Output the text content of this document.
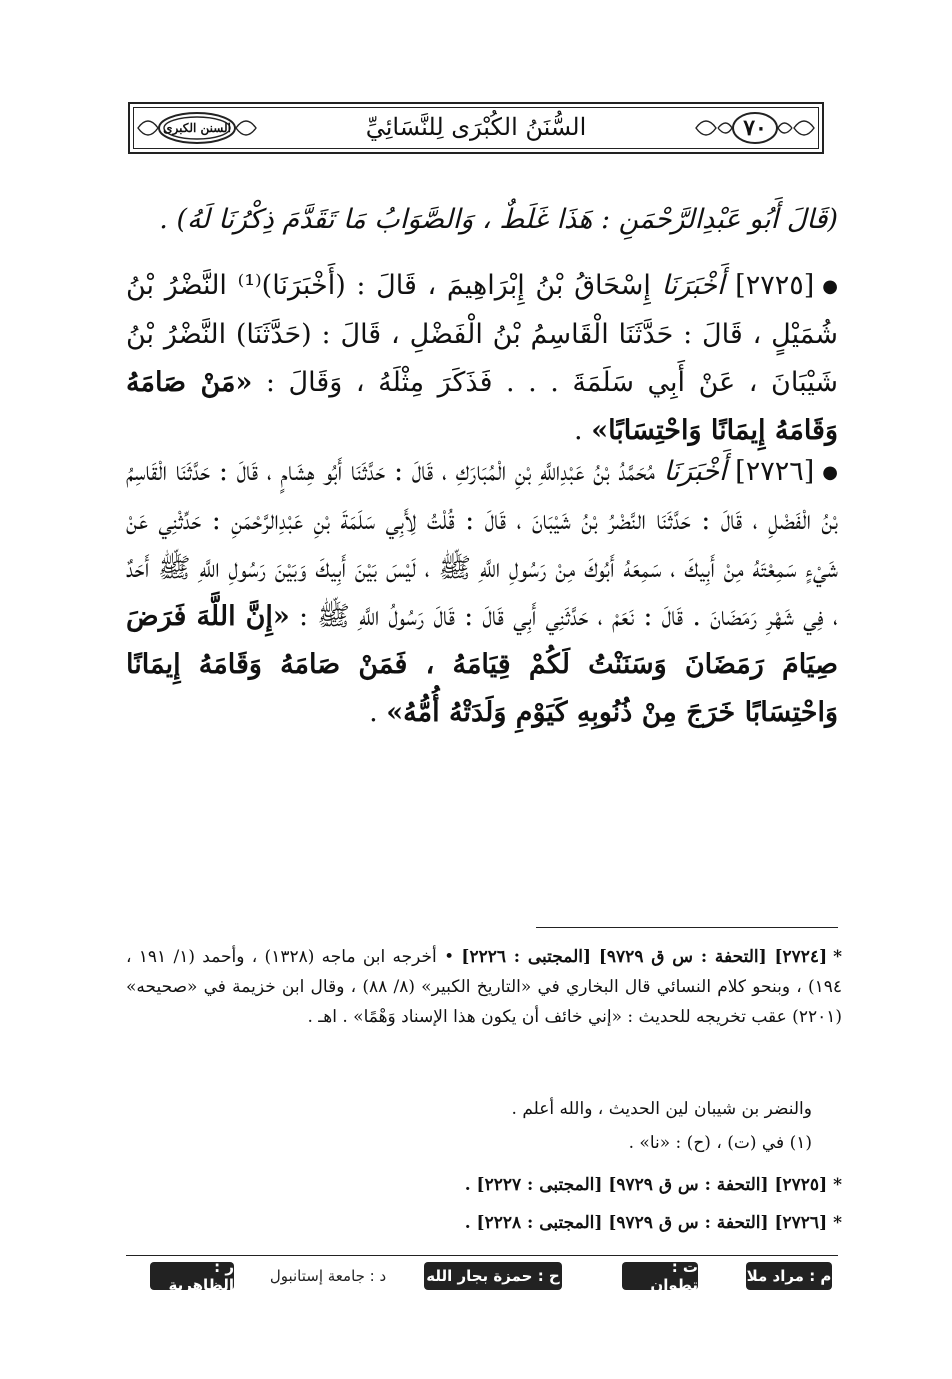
٧٠
السُّنَنُ الكُبْرَى لِلنَّسَائِيِّ
السنن الكبرى
(قَالَ أَبُو عَبْدِالرَّحْمَنِ : هَذَا غَلَطٌ ، وَالصَّوَابُ مَا تَقَدَّمَ ذِكْرُنَا لَهُ) .
●[٢٧٢٥] أَخْبَرَنَا إِسْحَاقُ بْنُ إِبْرَاهِيمَ ، قَالَ : (أَخْبَرَنَا)⁽¹⁾ النَّضْرُ بْنُ شُمَيْلٍ ، قَالَ : حَدَّثَنَا الْقَاسِمُ بْنُ الْفَضْلِ ، قَالَ : (حَدَّثَنَا) النَّضْرُ بْنُ شَيْبَانَ ، عَنْ أَبِي سَلَمَةَ . . . فَذَكَرَ مِثْلَهُ ، وَقَالَ : «مَنْ صَامَهُ وَقَامَهُ إِيمَانًا وَاحْتِسَابًا» .
●[٢٧٢٦] أَخْبَرَنَا مُحَمَّدُ بْنُ عَبْدِاللَّهِ بْنِ الْمُبَارَكِ ، قَالَ : حَدَّثَنَا أَبُو هِشَامٍ ، قَالَ : حَدَّثَنَا الْقَاسِمُ بْنُ الْفَضْلِ ، قَالَ : حَدَّثَنَا النَّضْرُ بْنُ شَيْبَانَ ، قَالَ : قُلْتُ لِأَبِي سَلَمَةَ بْنِ عَبْدِالرَّحْمَنِ : حَدِّثْنِي عَنْ شَيْءٍ سَمِعْتَهُ مِنْ أَبِيكَ ، سَمِعَهُ أَبُوكَ مِنْ رَسُولِ اللَّهِ ﷺ ، لَيْسَ بَيْنَ أَبِيكَ وَبَيْنَ رَسُولِ اللَّهِ ﷺ أَحَدٌ ، فِي شَهْرِ رَمَضَانَ . قَالَ : نَعَمْ ، حَدَّثَنِي أَبِي قَالَ : قَالَ رَسُولُ اللَّهِ ﷺ : «إِنَّ اللَّهَ فَرَضَ صِيَامَ رَمَضَانَ وَسَنَنْتُ لَكُمْ قِيَامَهُ ، فَمَنْ صَامَهُ وَقَامَهُ إِيمَانًا وَاحْتِسَابًا خَرَجَ مِنْ ذُنُوبِهِ كَيَوْمِ وَلَدَتْهُ أُمُّهُ» .
*[٢٧٢٤] [التحفة : س ق ٩٧٢٩] [المجتبى : ٢٢٢٦] • أخرجه ابن ماجه (١٣٢٨) ، وأحمد (١/ ١٩١ ، ١٩٤) ، وبنحو كلام النسائي قال البخاري في «التاريخ الكبير» (٨/ ٨٨) ، وقال ابن خزيمة في «صحيحه» (٢٢٠١) عقب تخريجه للحديث : «إني خائف أن يكون هذا الإسناد وَهْمًا» . اهـ .
والنضر بن شيبان لين الحديث ، والله أعلم .
(١) في (ت) ، (ح) : «نا» .
*[٢٧٢٥] [التحفة : س ق ٩٧٢٩] [المجتبى : ٢٢٢٧] .
*[٢٧٢٦] [التحفة : س ق ٩٧٢٩] [المجتبى : ٢٢٢٨] .
م : مراد ملا
ت : تطوان
ح : حمزة بجار الله
د : جامعة إستانبول
ر : الظاهرية
